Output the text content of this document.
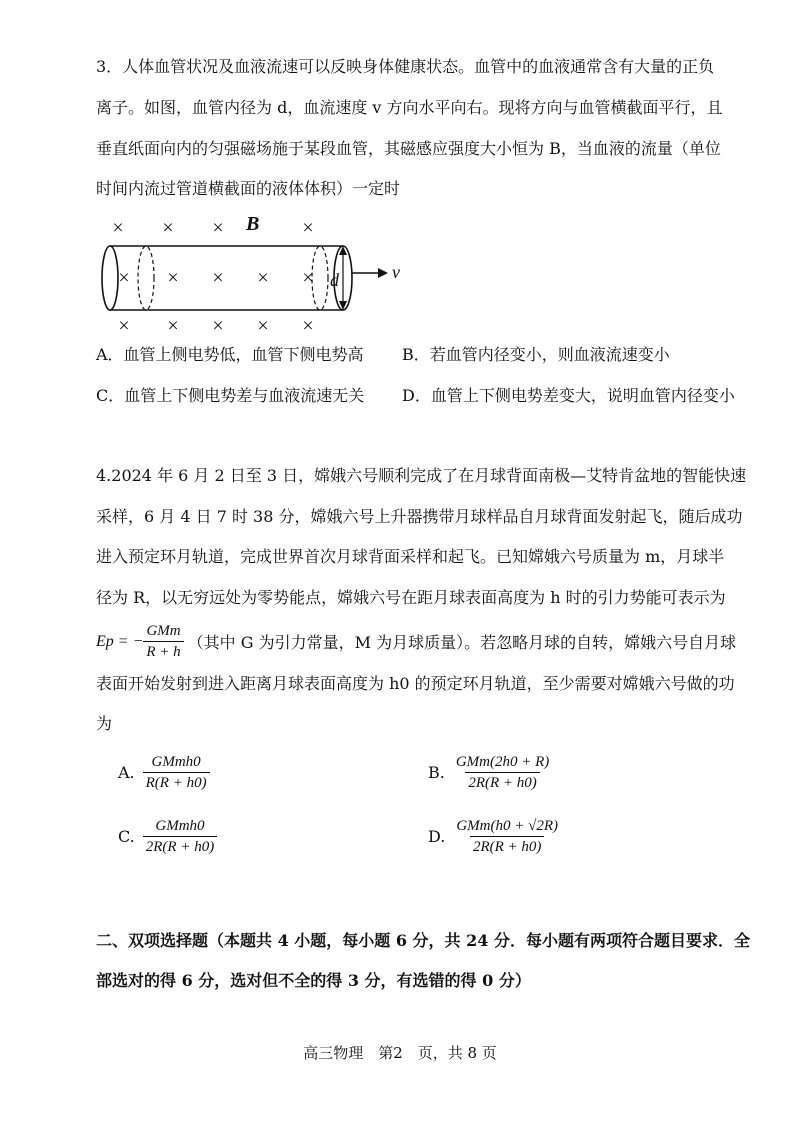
3．人体血管状况及血液流速可以反映身体健康状态。血管中的血液通常含有大量的正负
离子。如图，血管内径为 d，血流速度 v 方向水平向右。现将方向与血管横截面平行，且
垂直纸面向内的匀强磁场施于某段血管，其磁感应强度大小恒为 B，当血液的流量（单位
时间内流过管道横截面的液体体积）一定时
× × ×	×
× × × × ×
× × × × ×
B
d	v
A．血管上侧电势低，血管下侧电势高 B．若血管内径变小，则血液流速变小
C．血管上下侧电势差与血液流速无关 D．血管上下侧电势差变大，说明血管内径变小
4.2024 年 6 月 2 日至 3 日，嫦娥六号顺利完成了在月球背面南极—艾特肯盆地的智能快速
采样，6 月 4 日 7 时 38 分，嫦娥六号上升器携带月球样品自月球背面发射起飞，随后成功
进入预定环月轨道，完成世界首次月球背面采样和起飞。已知嫦娥六号质量为 m，月球半
径为 R，以无穷远处为零势能点，嫦娥六号在距月球表面高度为 h 时的引力势能可表示为
Ep = − $\frac{\text{GMm}}{R + h}$ （其中 G 为引力常量，M 为月球质量）。若忽略月球的自转，嫦娥六号自月球
表面开始发射到进入距离月球表面高度为 h0 的预定环月轨道，至少需要对嫦娥六号做的功
为
A. $\frac{\text{GMmh0}}{R(R + h0)}$	B. $\frac{\text{GMm(2h0 + R)}}{2R(R + h0)}$
C. $\frac{\text{GMmh0}}{2R(R + h0)}$	D. $\frac{\text{GMm(h0 + √2R)}}{2R(R + h0)}$
二、双项选择题（本题共 4 小题，每小题 6 分，共 24 分．每小题有两项符合题目要求．全
部选对的得 6 分，选对但不全的得 3 分，有选错的得 0 分）
高三物理　第2　页，共 8 页
